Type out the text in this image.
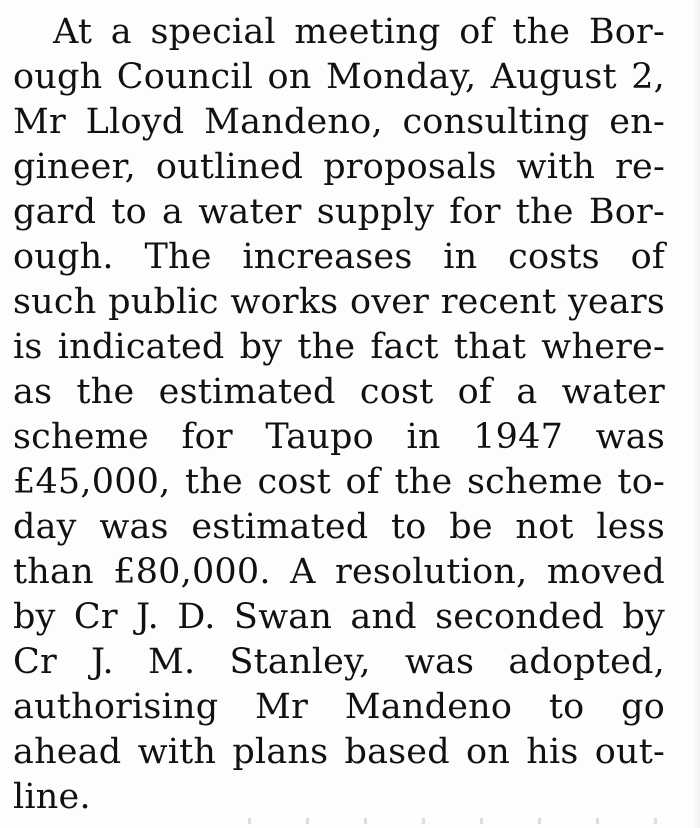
At a special meeting of the Bor-
ough Council on Monday, August 2,
Mr Lloyd Mandeno, consulting en-
gineer, outlined proposals with re-
gard to a water supply for the Bor-
ough. The increases in costs of
such public works over recent years
is indicated by the fact that where-
as the estimated cost of a water
scheme for Taupo in 1947 was
£45,000, the cost of the scheme to-
day was estimated to be not less
than £80,000. A resolution, moved
by Cr J. D. Swan and seconded by
Cr J. M. Stanley, was adopted,
authorising Mr Mandeno to go
ahead with plans based on his out-
line.
